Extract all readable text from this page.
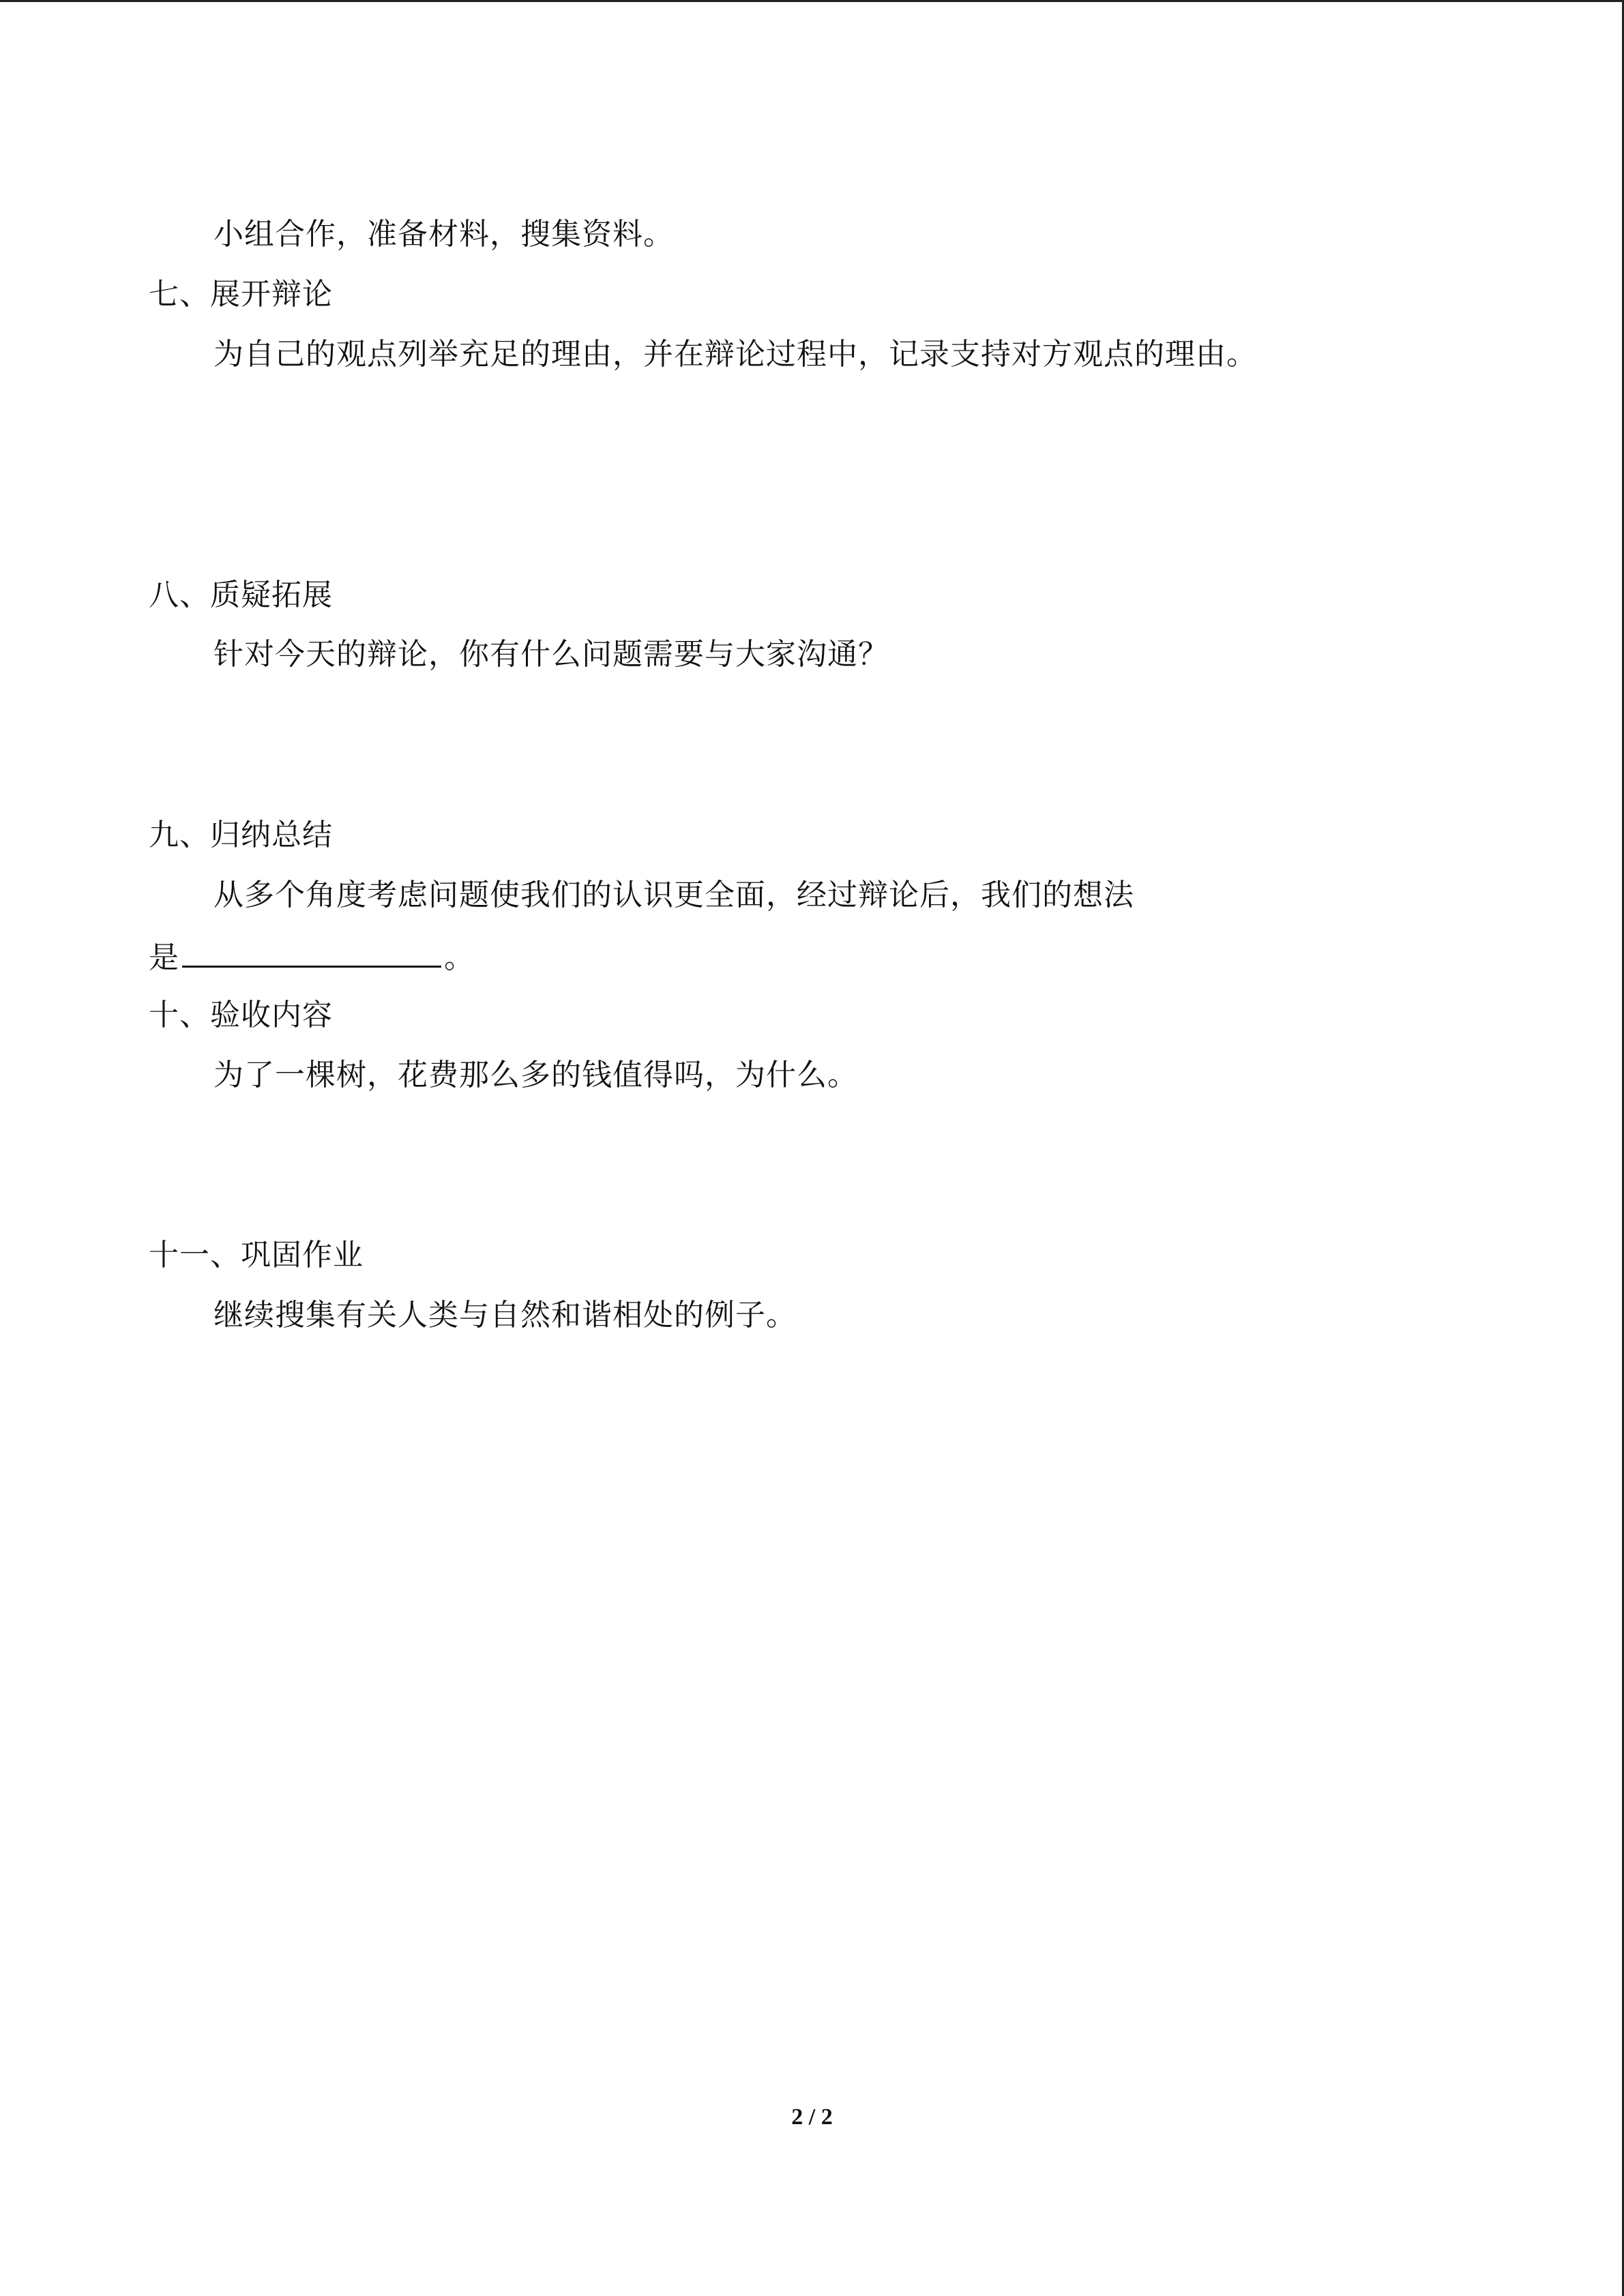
小组合作，准备材料，搜集资料。
七、展开辩论
为自己的观点列举充足的理由，并在辩论过程中，记录支持对方观点的理由。
八、质疑拓展
针对今天的辩论，你有什么问题需要与大家沟通？
九、归纳总结
从多个角度考虑问题使我们的认识更全面，经过辩论后，我们的想法
是	。
十、验收内容
为了一棵树，花费那么多的钱值得吗，为什么。
十一、巩固作业
继续搜集有关人类与自然和谐相处的例子。
2 / 2
